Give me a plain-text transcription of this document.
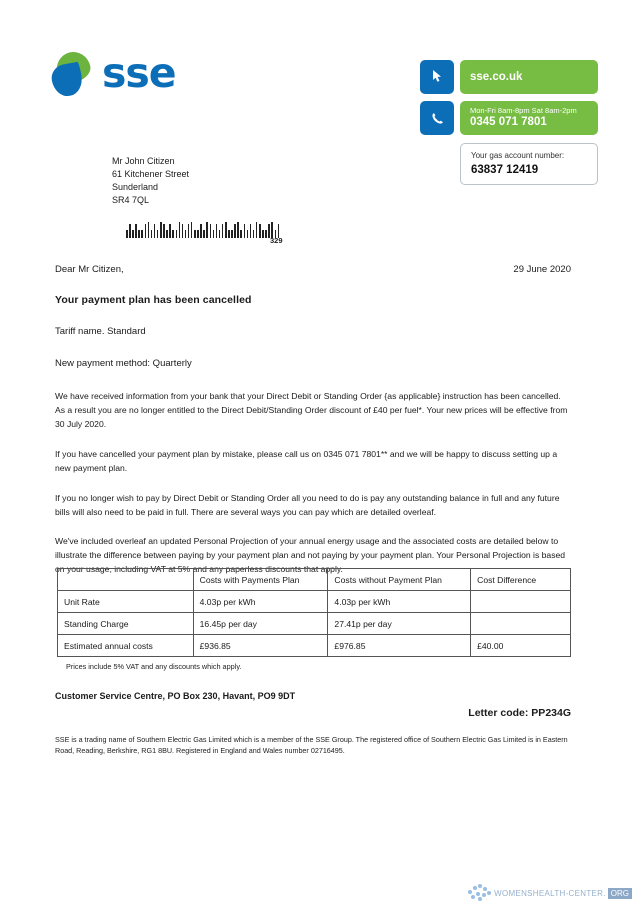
sse	sse.co.uk
Mon-Fri 8am-8pm Sat 8am-2pm
0345 071 7801
Your gas account number:
63837 12419
Mr John Citizen
61 Kitchener Street
Sunderland
SR4 7QL
329
Dear Mr Citizen,	29 June 2020
Your payment plan has been cancelled
Tariff name. Standard
New payment method: Quarterly

We have received information from your bank that your Direct Debit or Standing Order {as applicable} instruction has been cancelled. As a result you are no longer entitled to the Direct Debit/Standing Order discount of £40 per fuel*. Your new prices will be effective from 30 July 2020.

If you have cancelled your payment plan by mistake, please call us on 0345 071 7801** and we will be happy to discuss setting up a new payment plan.

If you no longer wish to pay by Direct Debit or Standing Order all you need to do is pay any outstanding balance in full and any future bills will also need to be paid in full. There are several ways you can pay which are detailed overleaf.

We've included overleaf an updated Personal Projection of your annual energy usage and the associated costs are detailed below to illustrate the difference between paying by your payment plan and not paying by your payment plan. Your Personal Projection is based on your usage, including VAT at 5% and any paperless discounts that apply.

	Costs with Payments Plan	Costs without Payment Plan	Cost Difference
Unit Rate	4.03p per kWh	4.03p per kWh	
Standing Charge	16.45p per day	27.41p per day	
Estimated annual costs	£936.85	£976.85	£40.00
Prices include 5% VAT and any discounts which apply.
Customer Service Centre, PO Box 230, Havant, PO9 9DT
Letter code: PP234G
SSE is a trading name of Southern Electric Gas Limited which is a member of the SSE Group. The registered office of Southern Electric Gas Limited is in Eastern Road, Reading, Berkshire, RG1 8BU. Registered in England and Wales number 02716495.
WOMENSHEALTH-CENTER. ORG
